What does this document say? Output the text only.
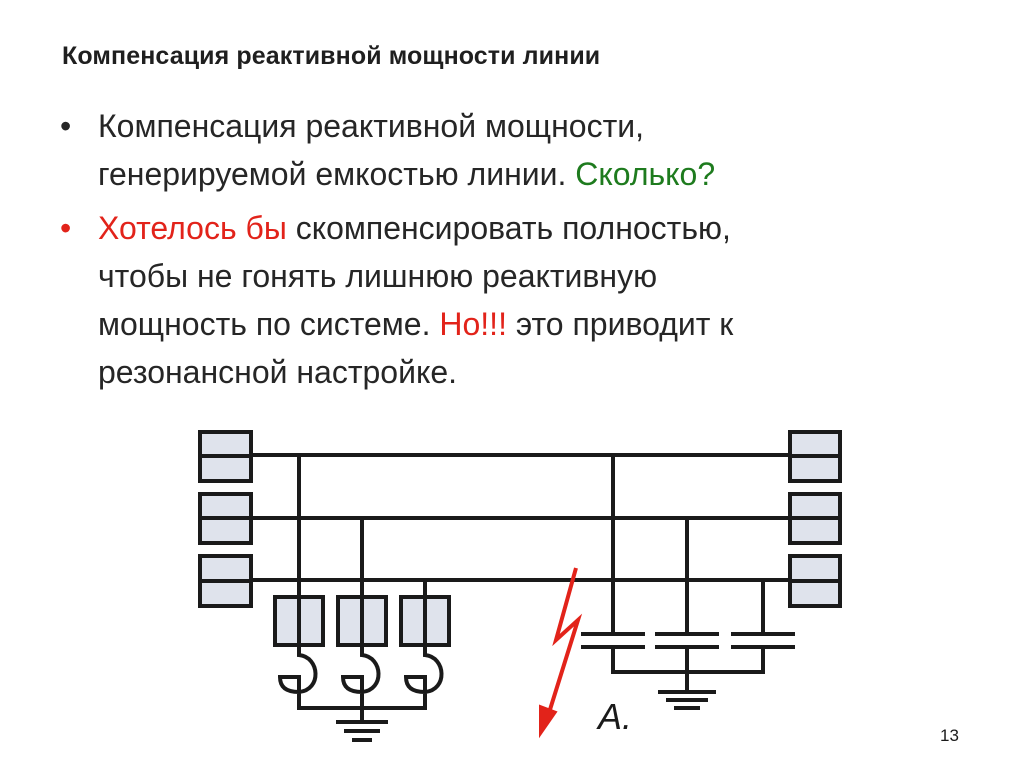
Компенсация реактивной мощности линии
• Компенсация реактивной мощности,
генерируемой емкостью линии. Сколько?
• Хотелось бы скомпенсировать полностью,
чтобы не гонять лишнюю реактивную
мощность по системе. Но!!! это приводит к
резонансной настройке.
A.	13
